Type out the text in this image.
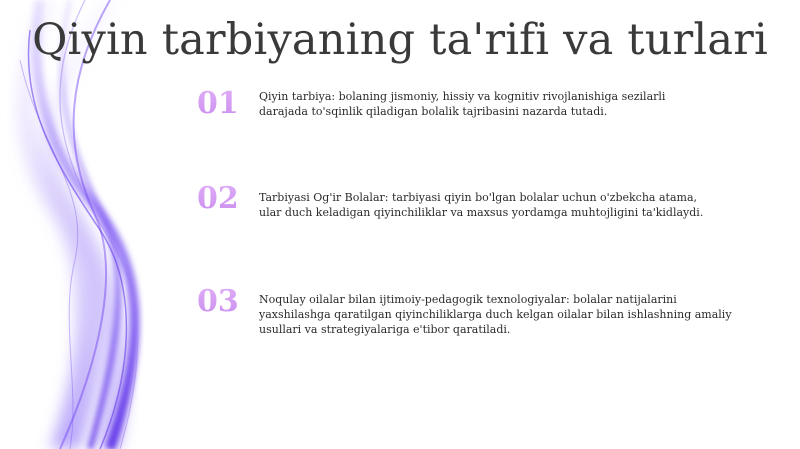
Qiyin tarbiyaning ta'rifi va turlari
01	Qiyin tarbiya: bolaning jismoniy, hissiy va kognitiv rivojlanishiga sezilarli
darajada to'sqinlik qiladigan bolalik tajribasini nazarda tutadi.
02	Tarbiyasi Og'ir Bolalar: tarbiyasi qiyin bo'lgan bolalar uchun o'zbekcha atama,
ular duch keladigan qiyinchiliklar va maxsus yordamga muhtojligini ta'kidlaydi.
03	Noqulay oilalar bilan ijtimoiy-pedagogik texnologiyalar: bolalar natijalarini
yaxshilashga qaratilgan qiyinchiliklarga duch kelgan oilalar bilan ishlashning amaliy
usullari va strategiyalariga e'tibor qaratiladi.
